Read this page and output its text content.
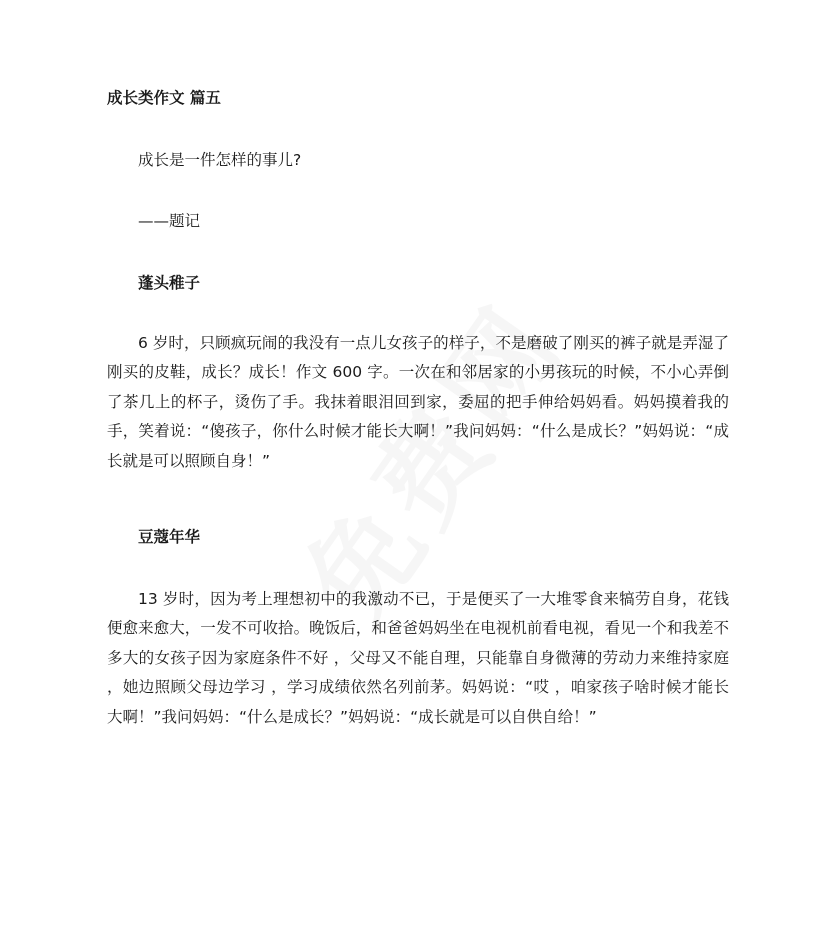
成长类作文 篇五

成长是一件怎样的事儿?

——题记

蓬头稚子

6 岁时，只顾疯玩闹的我没有一点儿女孩子的样子，不是磨破了刚买的裤子就是弄湿了刚买的皮鞋，成长？成长！作文 600 字。一次在和邻居家的小男孩玩的时候，不小心弄倒了茶几上的杯子，烫伤了手。我抹着眼泪回到家，委屈的把手伸给妈妈看。妈妈摸着我的手，笑着说：“傻孩子，你什么时候才能长大啊！”我问妈妈：“什么是成长？”妈妈说：“成长就是可以照顾自身！”

豆蔻年华

13 岁时，因为考上理想初中的我激动不已，于是便买了一大堆零食来犒劳自身，花钱便愈来愈大，一发不可收拾。晚饭后，和爸爸妈妈坐在电视机前看电视，看见一个和我差不多大的女孩子因为家庭条件不好 ，父母又不能自理，只能靠自身微薄的劳动力来维持家庭 ，她边照顾父母边学习 ，学习成绩依然名列前茅。妈妈说：“哎 ，咱家孩子啥时候才能长大啊！”我问妈妈：“什么是成长？”妈妈说：“成长就是可以自供自给！”
